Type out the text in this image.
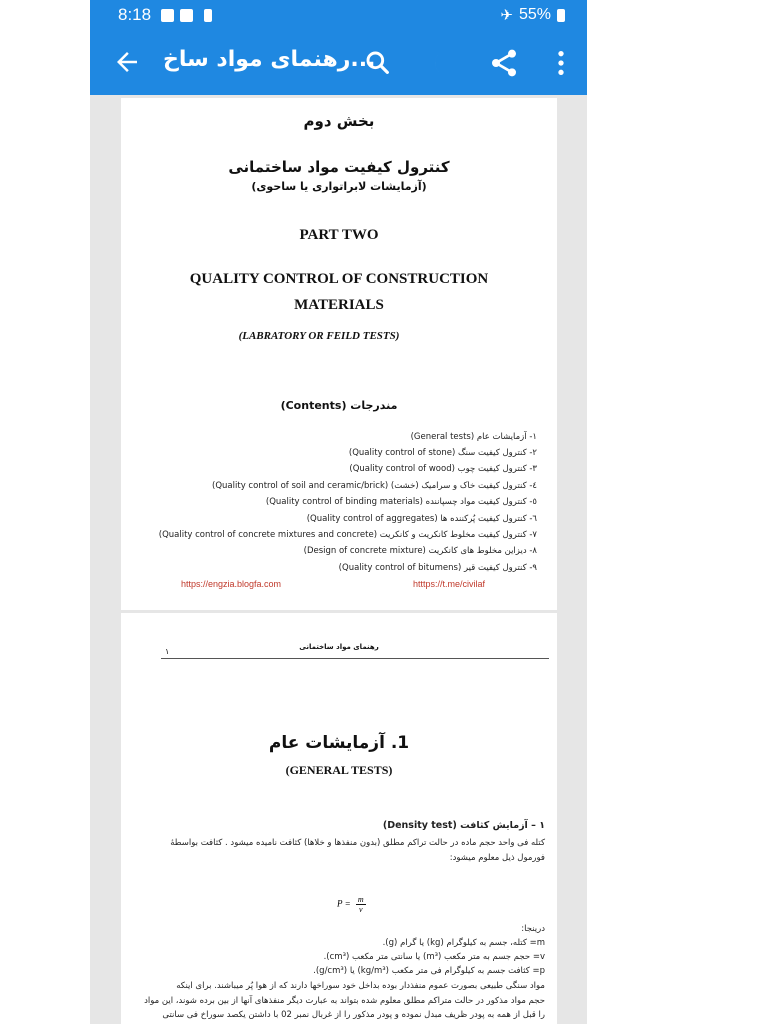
8:18	✈ 55%
رهنمای مواد ساخ...
بخش دوم
کنترول کیفیت مواد ساختمانی
(آزمایشات لابراتواری یا ساحوی)
PART TWO
QUALITY CONTROL OF CONSTRUCTION
MATERIALS
(LABRATORY OR FEILD TESTS)
مندرجات (Contents)
۱- آزمایشات عام (General tests)
۲- کنترول کیفیت سنگ (Quality control of stone)
۳- کنترول کیفیت چوب (Quality control of wood)
٤- کنترول کیفیت خاک و سرامیک (خشت) (Quality control of soil and ceramic/brick)
٥- کنترول کیفیت مواد چسپاننده (Quality control of binding materials)
٦- کنترول کیفیت پُرکننده ها (Quality control of aggregates)
۷- کنترول کیفیت مخلوط کانکریت و کانکریت (Quality control of concrete mixtures and concrete)
۸- دیزاین مخلوط های کانکریت (Design of concrete mixture)
۹- کنترول کیفیت قیر (Quality control of bitumens)
https://engzia.blogfa.com	htttps://t.me/civilaf
رهنمای مواد ساختمانی
۱
1. آزمایشات عام
(GENERAL TESTS)
۱ – آزمایش کثافت (Density test)
کتله فی واحد حجم ماده در حالت تراکم مطلق (بدون منفذها و خلاها) کثافت نامیده میشود . کثافت بواسطهٔ
فورمول ذیل معلوم میشود:
$P = \frac{m}{v}$
درینجا:
m= کتله، جسم به کیلوگرام (kg) یا گرام (g).
v= حجم جسم به متر مکعب (m³) یا سانتی متر مکعب (cm³).
p= کثافت جسم به کیلوگرام فی متر مکعب (kg/m³) یا (g/cm³).
مواد سنگی طبیعی بصورت عموم منفذدار بوده بداخل خود سوراخها دارند که از هوا پُر میباشند. برای اینکه
حجم مواد مذکور در حالت متراکم مطلق معلوم شده بتواند به عبارت دیگر منفذهای آنها از بین برده شوند، این مواد
را قبل از همه به پودر ظریف مبدل نموده و پودر مذکور را از غربال نمبر 02 با داشتن یکصد سوراخ فی سانتی
